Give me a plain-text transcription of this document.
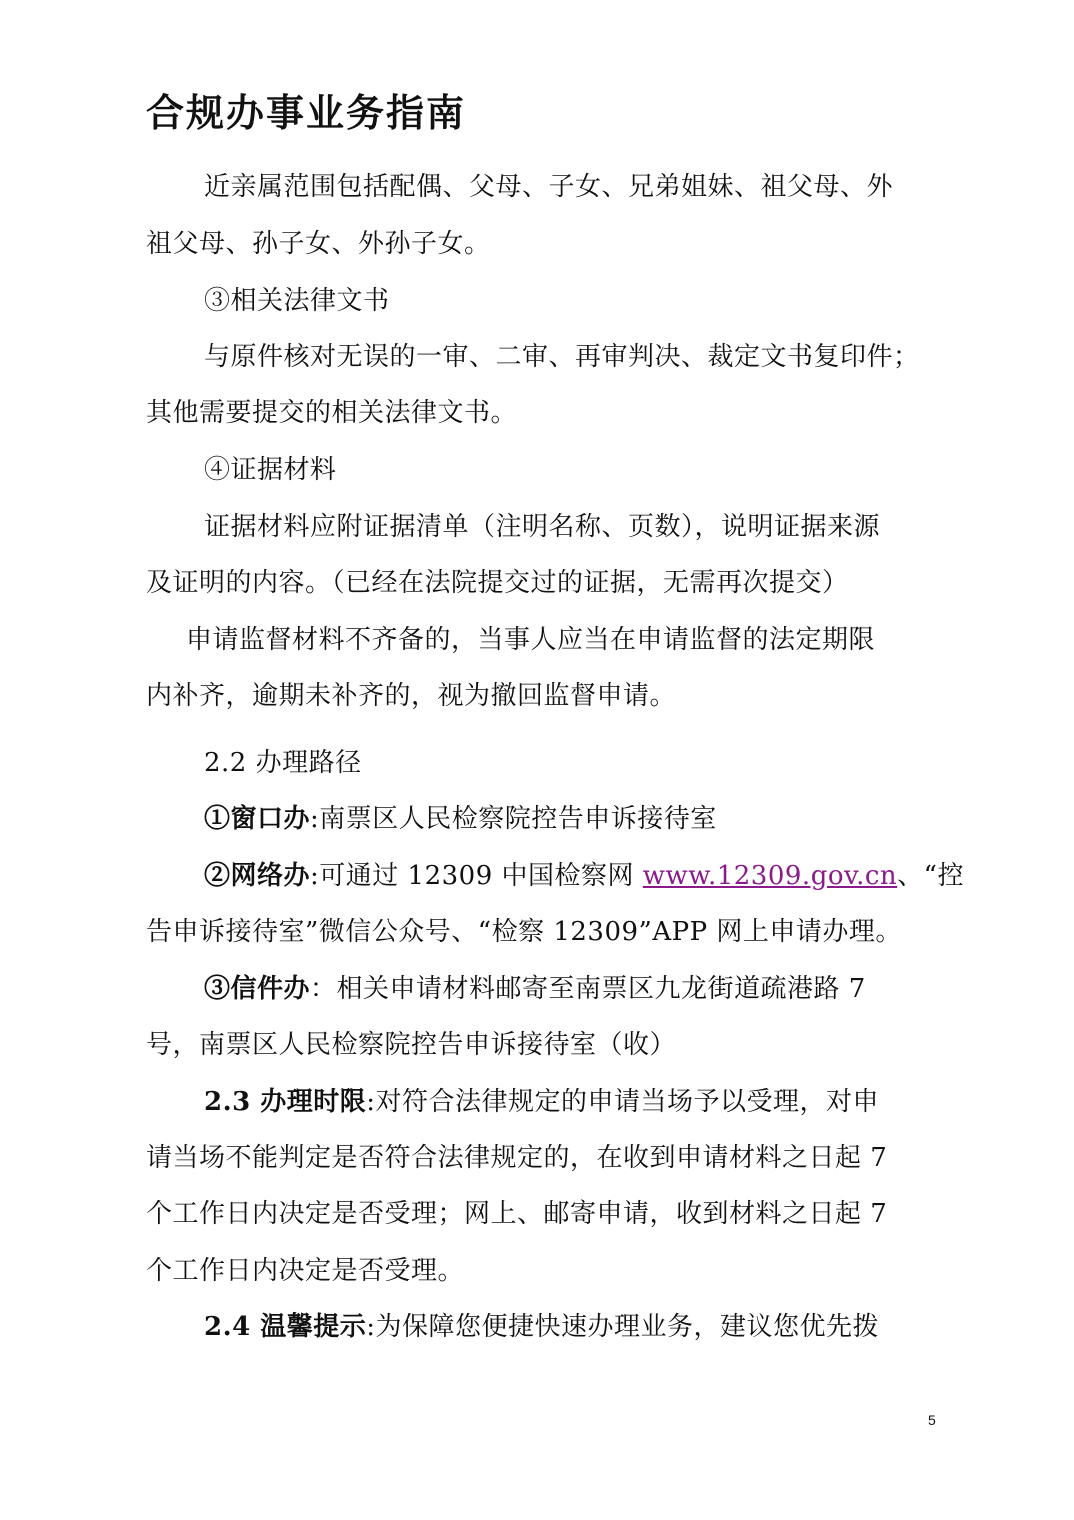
合规办事业务指南
近亲属范围包括配偶、父母、子女、兄弟姐妹、祖父母、外
祖父母、孙子女、外孙子女。
③相关法律文书
与原件核对无误的一审、二审、再审判决、裁定文书复印件；
其他需要提交的相关法律文书。
④证据材料
证据材料应附证据清单（注明名称、页数），说明证据来源
及证明的内容。（已经在法院提交过的证据，无需再次提交）
申请监督材料不齐备的，当事人应当在申请监督的法定期限
内补齐，逾期未补齐的，视为撤回监督申请。
2.2 办理路径
①窗口办:南票区人民检察院控告申诉接待室
②网络办:可通过 12309 中国检察网 www.12309.gov.cn、“控
告申诉接待室”微信公众号、“检察 12309”APP 网上申请办理。
③信件办：相关申请材料邮寄至南票区九龙街道疏港路 7
号，南票区人民检察院控告申诉接待室（收）
2.3 办理时限:对符合法律规定的申请当场予以受理，对申
请当场不能判定是否符合法律规定的，在收到申请材料之日起 7
个工作日内决定是否受理；网上、邮寄申请，收到材料之日起 7
个工作日内决定是否受理。
2.4 温馨提示:为保障您便捷快速办理业务，建议您优先拨
5
